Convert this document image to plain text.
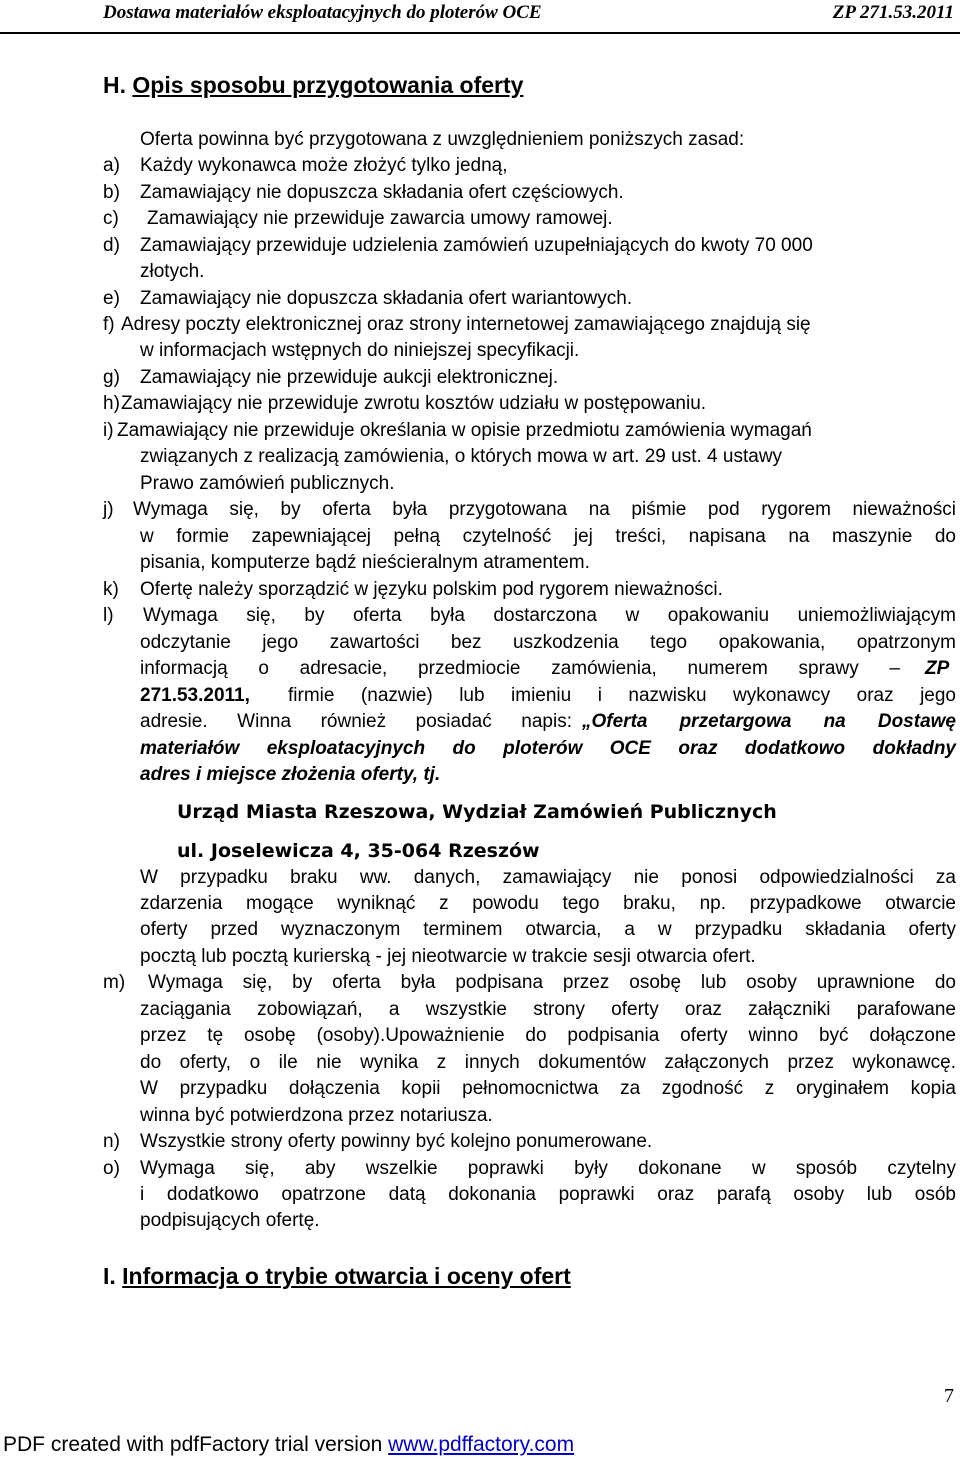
Dostawa materiałów eksploatacyjnych do ploterów OCE	ZP 271.53.2011
H. Opis sposobu przygotowania oferty
Oferta powinna być przygotowana z uwzględnieniem poniższych zasad:
a) Każdy wykonawca może złożyć tylko jedną,
b) Zamawiający nie dopuszcza składania ofert częściowych.
c) Zamawiający nie przewiduje zawarcia umowy ramowej.
d) Zamawiający przewiduje udzielenia zamówień uzupełniających do kwoty 70 000
złotych.
e) Zamawiający nie dopuszcza składania ofert wariantowych.
f) Adresy poczty elektronicznej oraz strony internetowej zamawiającego znajdują się
w informacjach wstępnych do niniejszej specyfikacji.
g) Zamawiający nie przewiduje aukcji elektronicznej.
h) Zamawiający nie przewiduje zwrotu kosztów udziału w postępowaniu.
i) Zamawiający nie przewiduje określania w opisie przedmiotu zamówienia wymagań
związanych z realizacją zamówienia, o których mowa w art. 29 ust. 4 ustawy
Prawo zamówień publicznych.
j) Wymaga się, by oferta była przygotowana na piśmie pod rygorem nieważności
w formie zapewniającej pełną czytelność jej treści, napisana na maszynie do
pisania, komputerze bądź nieścieralnym atramentem.
k) Ofertę należy sporządzić w języku polskim pod rygorem nieważności.
l) Wymaga się, by oferta była dostarczona w opakowaniu uniemożliwiającym
odczytanie jego zawartości bez uszkodzenia tego opakowania, opatrzonym
informacją o adresacie, przedmiocie zamówienia, numerem sprawy – ZP
271.53.2011, firmie (nazwie) lub imieniu i nazwisku wykonawcy oraz jego
adresie. Winna również posiadać napis: „Oferta przetargowa na Dostawę
materiałów eksploatacyjnych do ploterów OCE oraz dodatkowo dokładny
adres i miejsce złożenia oferty, tj.
Urząd Miasta Rzeszowa, Wydział Zamówień Publicznych
ul. Joselewicza 4, 35-064 Rzeszów
W przypadku braku ww. danych, zamawiający nie ponosi odpowiedzialności za
zdarzenia mogące wyniknąć z powodu tego braku, np. przypadkowe otwarcie
oferty przed wyznaczonym terminem otwarcia, a w przypadku składania oferty
pocztą lub pocztą kurierską - jej nieotwarcie w trakcie sesji otwarcia ofert.
m) Wymaga się, by oferta była podpisana przez osobę lub osoby uprawnione do
zaciągania zobowiązań, a wszystkie strony oferty oraz załączniki parafowane
przez tę osobę (osoby).Upoważnienie do podpisania oferty winno być dołączone
do oferty, o ile nie wynika z innych dokumentów załączonych przez wykonawcę.
W przypadku dołączenia kopii pełnomocnictwa za zgodność z oryginałem kopia
winna być potwierdzona przez notariusza.
n) Wszystkie strony oferty powinny być kolejno ponumerowane.
o) Wymaga się, aby wszelkie poprawki były dokonane w sposób czytelny
i dodatkowo opatrzone datą dokonania poprawki oraz parafą osoby lub osób
podpisujących ofertę.
I. Informacja o trybie otwarcia i oceny ofert
7
PDF created with pdfFactory trial version www.pdffactory.com
